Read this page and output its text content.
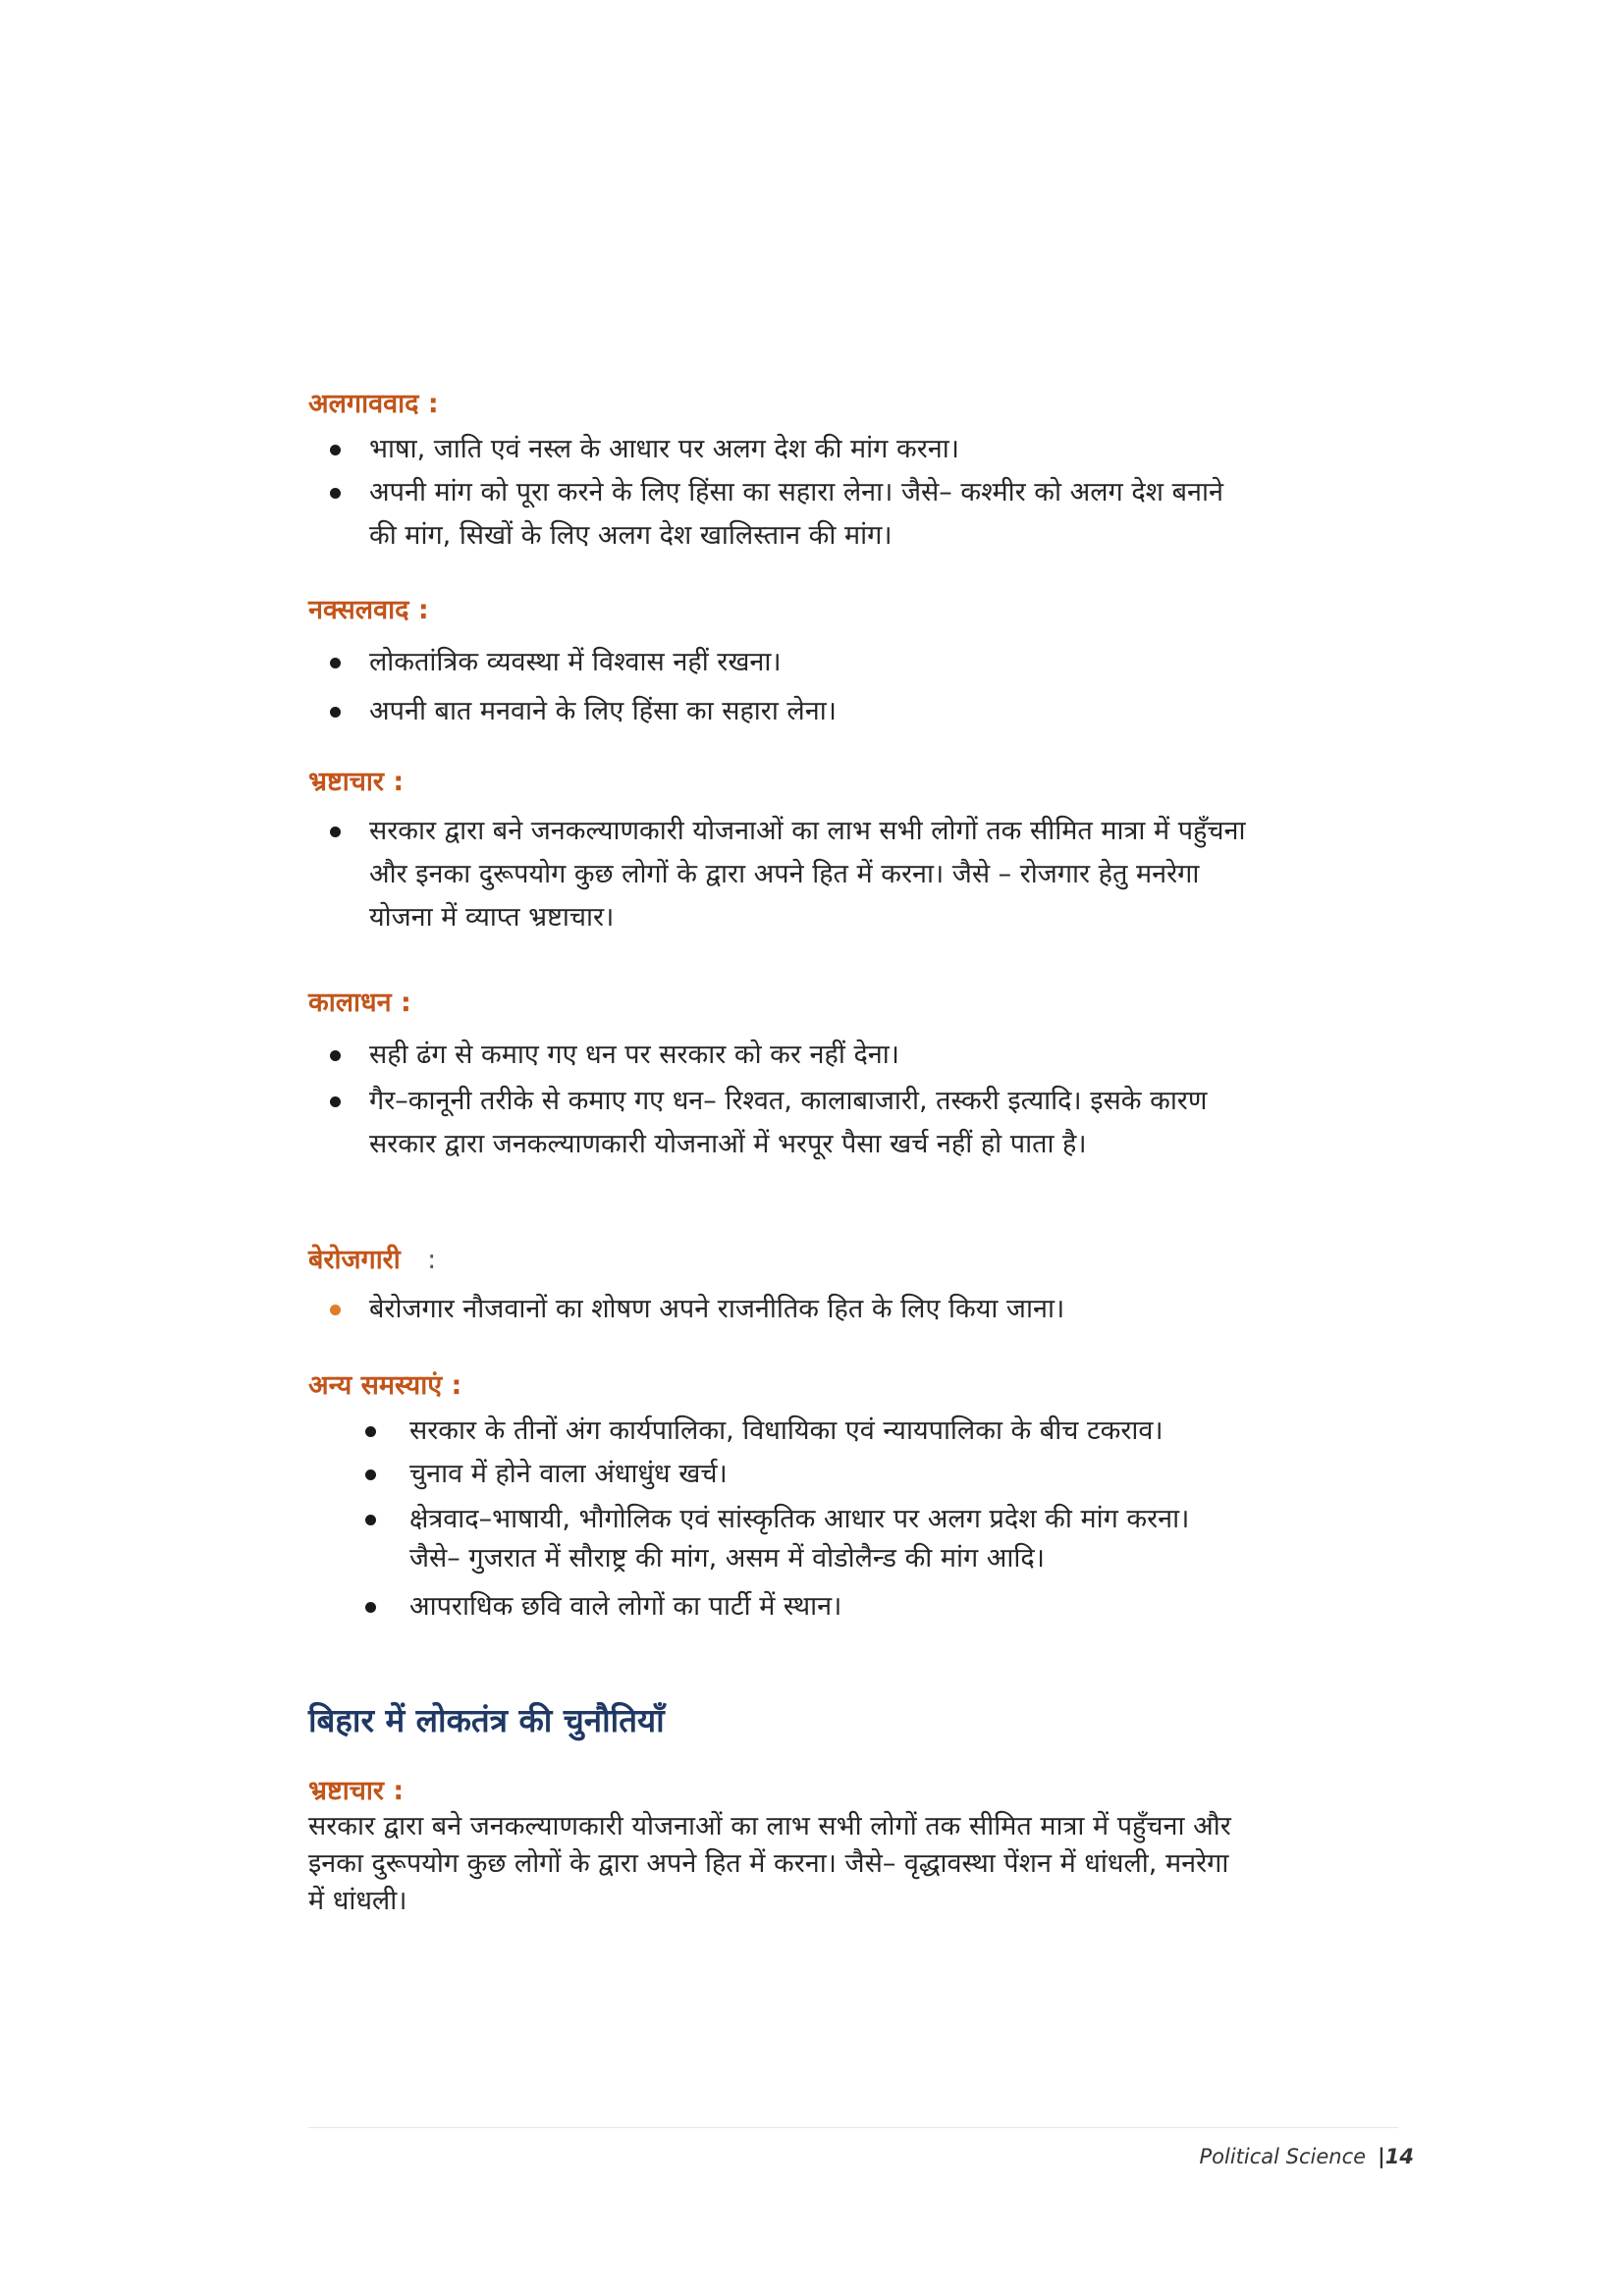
अलगाववाद :
भाषा, जाति एवं नस्ल के आधार पर अलग देश की मांग करना।
अपनी मांग को पूरा करने के लिए हिंसा का सहारा लेना। जैसे– कश्मीर को अलग देश बनाने
की मांग, सिखों के लिए अलग देश खालिस्तान की मांग।
नक्सलवाद :
लोकतांत्रिक व्यवस्था में विश्वास नहीं रखना।
अपनी बात मनवाने के लिए हिंसा का सहारा लेना।
भ्रष्टाचार :
सरकार द्वारा बने जनकल्याणकारी योजनाओं का लाभ सभी लोगों तक सीमित मात्रा में पहुँचना
और इनका दुरूपयोग कुछ लोगों के द्वारा अपने हित में करना। जैसे – रोजगार हेतु मनरेगा
योजना में व्याप्त भ्रष्टाचार।
कालाधन :
सही ढंग से कमाए गए धन पर सरकार को कर नहीं देना।
गैर–कानूनी तरीके से कमाए गए धन– रिश्वत, कालाबाजारी, तस्करी इत्यादि। इसके कारण
सरकार द्वारा जनकल्याणकारी योजनाओं में भरपूर पैसा खर्च नहीं हो पाता है।
बेरोजगारी :
बेरोजगार नौजवानों का शोषण अपने राजनीतिक हित के लिए किया जाना।
अन्य समस्याएं :
सरकार के तीनों अंग कार्यपालिका, विधायिका एवं न्यायपालिका के बीच टकराव।
चुनाव में होने वाला अंधाधुंध खर्च।
क्षेत्रवाद–भाषायी, भौगोलिक एवं सांस्कृतिक आधार पर अलग प्रदेश की मांग करना।
जैसे– गुजरात में सौराष्ट्र की मांग, असम में वोडोलैन्ड की मांग आदि।
आपराधिक छवि वाले लोगों का पार्टी में स्थान।
बिहार में लोकतंत्र की चुनौतियाँ
भ्रष्टाचार :
सरकार द्वारा बने जनकल्याणकारी योजनाओं का लाभ सभी लोगों तक सीमित मात्रा में पहुँचना और
इनका दुरूपयोग कुछ लोगों के द्वारा अपने हित में करना। जैसे– वृद्धावस्था पेंशन में धांधली, मनरेगा
में धांधली।
Political Science |14
